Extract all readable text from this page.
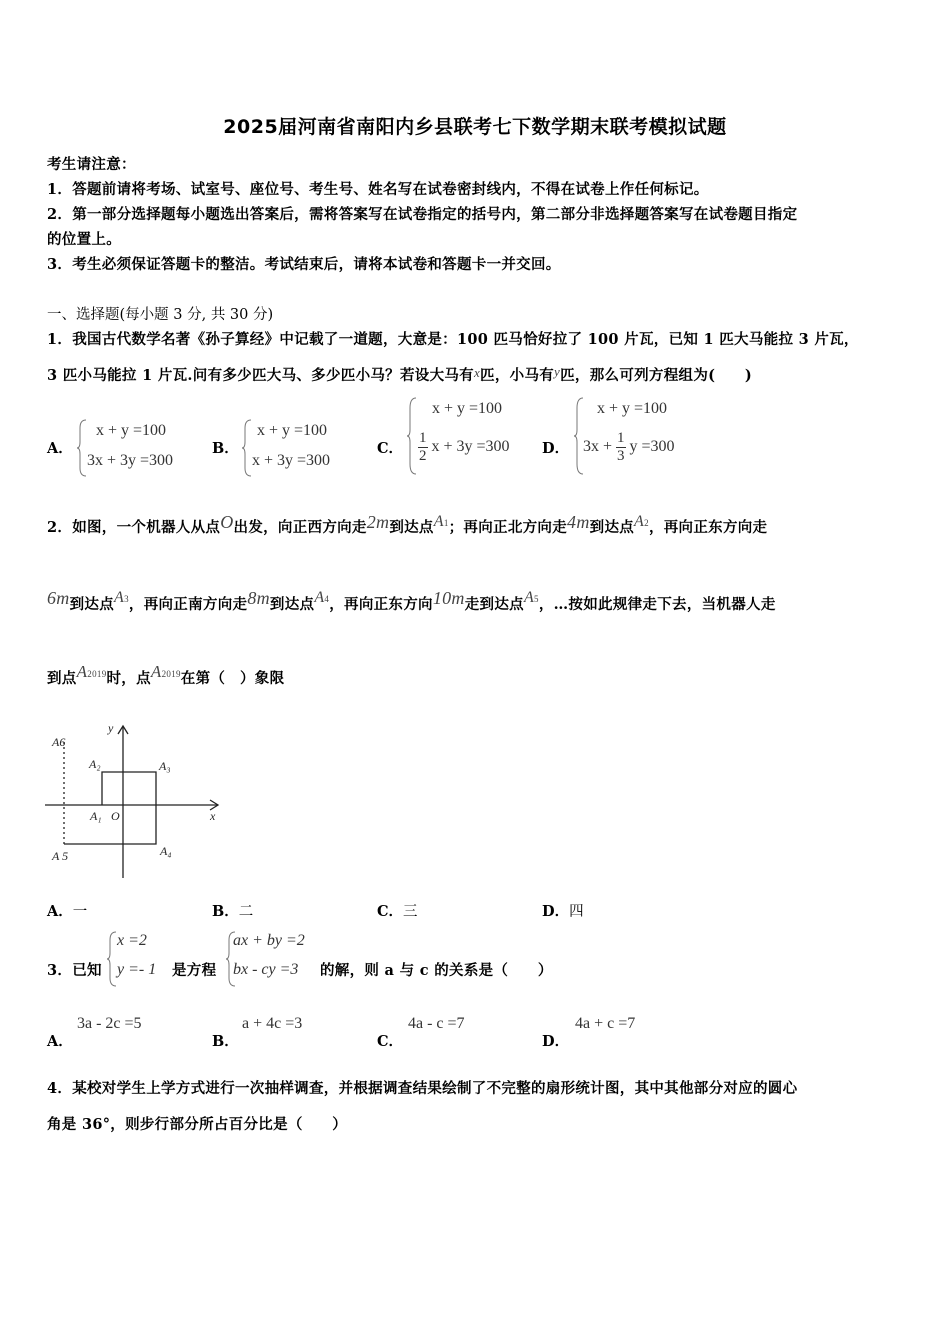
2025届河南省南阳内乡县联考七下数学期末联考模拟试题
考生请注意：
1．答题前请将考场、试室号、座位号、考生号、姓名写在试卷密封线内，不得在试卷上作任何标记。
2．第一部分选择题每小题选出答案后，需将答案写在试卷指定的括号内，第二部分非选择题答案写在试卷题目指定
的位置上。
3．考生必须保证答题卡的整洁。考试结束后，请将本试卷和答题卡一并交回。
一、选择题(每小题 3 分, 共 30 分)
1．我国古代数学名著《孙子算经》中记载了一道题，大意是：100 匹马恰好拉了 100 片瓦，已知 1 匹大马能拉 3 片瓦，
3 匹小马能拉 1 片瓦.问有多少匹大马、多少匹小马？若设大马有x匹，小马有y匹，那么可列方程组为(　　)
A．
x + y =100
3x + 3y =300
B．
x + y =100
x + 3y =300
C．
x + y =100
$\frac{1}{2}$ x + 3y =300 D．
x + y =100
$3x + \frac{1}{3}$ y =300
2．如图，一个机器人从点O出发，向正西方向走2m到达点A1；再向正北方向走4m到达点A2，再向正东方向走
6m到达点A3，再向正南方向走8m到达点A4，再向正东方向10m走到达点A5，…按如此规律走下去，当机器人走
到点A2019时，点A2019在第（　）象限
A6
A₂	A₃
A₁ O	x
y
A 5	A₄
A．一	B．二	C．三	D．四
3．已知
x =2
y =- 1 是方程
ax + by =2
bx - cy =3 的解，则 a 与 c 的关系是（　　）
A．
3a - 2c =5
B．
a + 4c =3
C．
4a - c =7
D．
4a + c =7
4．某校对学生上学方式进行一次抽样调查，并根据调查结果绘制了不完整的扇形统计图，其中其他部分对应的圆心
角是 36°，则步行部分所占百分比是（　　）
